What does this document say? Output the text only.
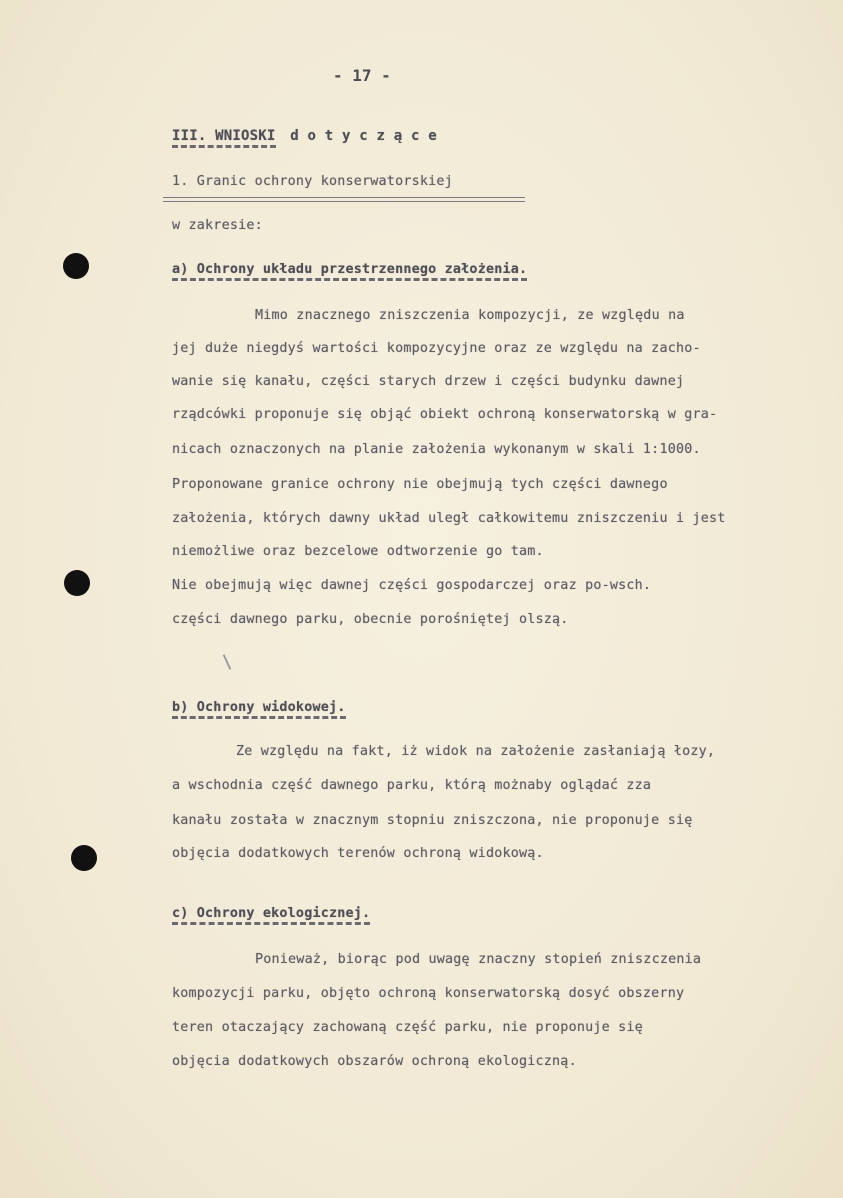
- 17 -
III. WNIOSKI d o t y c z ą c e
1. Granic ochrony konserwatorskiej
w zakresie:
a) Ochrony układu przestrzennego założenia.
Mimo znacznego zniszczenia kompozycji, ze względu na
jej duże niegdyś wartości kompozycyjne oraz ze względu na zacho-
wanie się kanału, części starych drzew i części budynku dawnej
rządcówki proponuje się objąć obiekt ochroną konserwatorską w gra-
nicach oznaczonych na planie założenia wykonanym w skali 1:1000.
Proponowane granice ochrony nie obejmują tych części dawnego
założenia, których dawny układ uległ całkowitemu zniszczeniu i jest
niemożliwe oraz bezcelowe odtworzenie go tam.
Nie obejmują więc dawnej części gospodarczej oraz po-wsch.
części dawnego parku, obecnie porośniętej olszą.
b) Ochrony widokowej.
Ze względu na fakt, iż widok na założenie zasłaniają łozy,
a wschodnia część dawnego parku, którą możnaby oglądać zza
kanału została w znacznym stopniu zniszczona, nie proponuje się
objęcia dodatkowych terenów ochroną widokową.
c) Ochrony ekologicznej.
Ponieważ, biorąc pod uwagę znaczny stopień zniszczenia
kompozycji parku, objęto ochroną konserwatorską dosyć obszerny
teren otaczający zachowaną część parku, nie proponuje się
objęcia dodatkowych obszarów ochroną ekologiczną.
